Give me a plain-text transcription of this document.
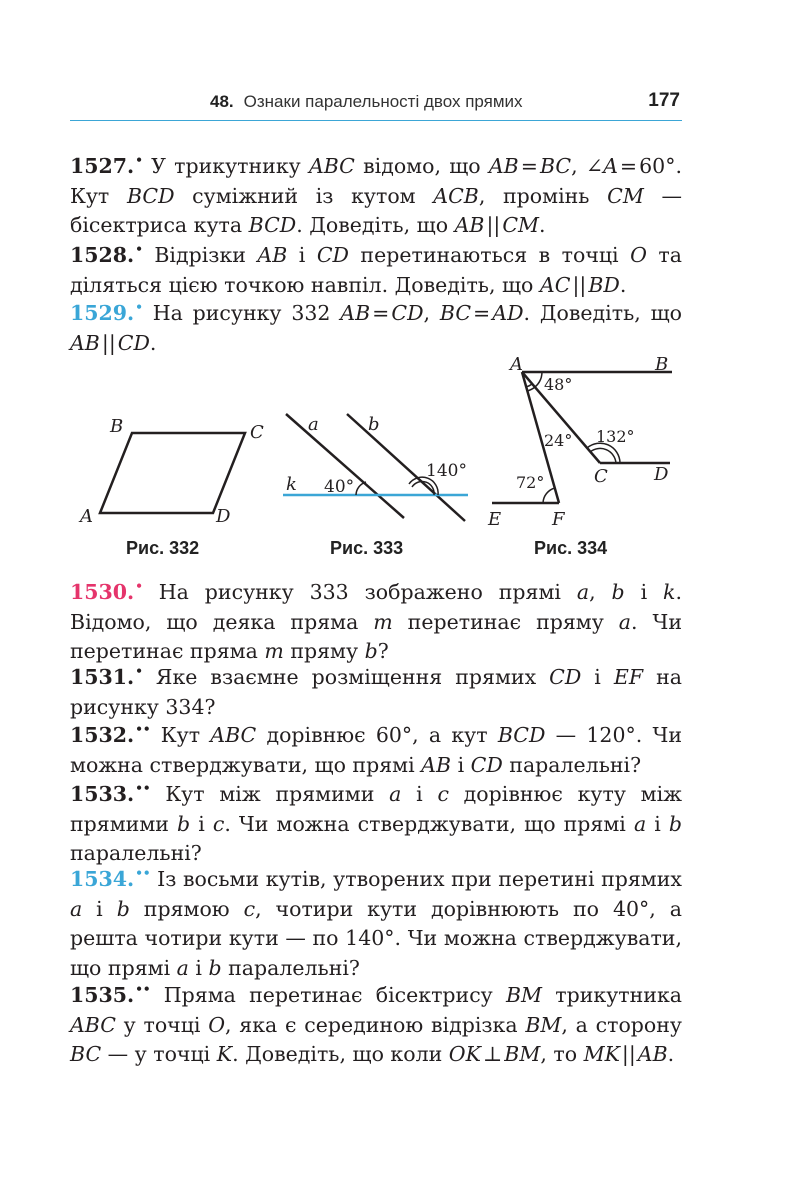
48. Ознаки паралельності двох прямих	177
1527.• У трикутнику ABC відомо, що AB = BC, ∠A = 60°. Кут BCD суміжний із кутом ACB, промінь CM — бісектриса кута BCD. Доведіть, що AB || CM.
1528.• Відрізки AB і CD перетинаються в точці O та діляться цією точкою навпіл. Доведіть, що AC || BD.
1529.• На рисунку 332 AB = CD, BC = AD. Доведіть, що AB || CD.
A
B	C
D
a	b
k 40°
140°
A	B
C	D
E	F
48°
24° 132°
72°
Рис. 332	Рис. 333	Рис. 334
1530.• На рисунку 333 зображено прямі a, b і k. Відомо, що деяка пряма m перетинає пряму a. Чи перетинає пряма m пряму b?
1531.• Яке взаємне розміщення прямих CD і EF на рисунку 334?
1532.•• Кут ABC дорівнює 60°, а кут BCD — 120°. Чи можна стверджувати, що прямі AB і CD паралельні?
1533.•• Кут між прямими a і c дорівнює куту між прямими b і c. Чи можна стверджувати, що прямі a і b паралельні?
1534.•• Із восьми кутів, утворених при перетині прямих a і b прямою c, чотири кути дорівнюють по 40°, а решта чотири кути — по 140°. Чи можна стверджувати, що прямі a і b паралельні?
1535.•• Пряма перетинає бісектрису BM трикутника ABC у точці O, яка є серединою відрізка BM, а сторону BC — у точці K. Доведіть, що коли OK ⊥ BM, то MK || AB.
